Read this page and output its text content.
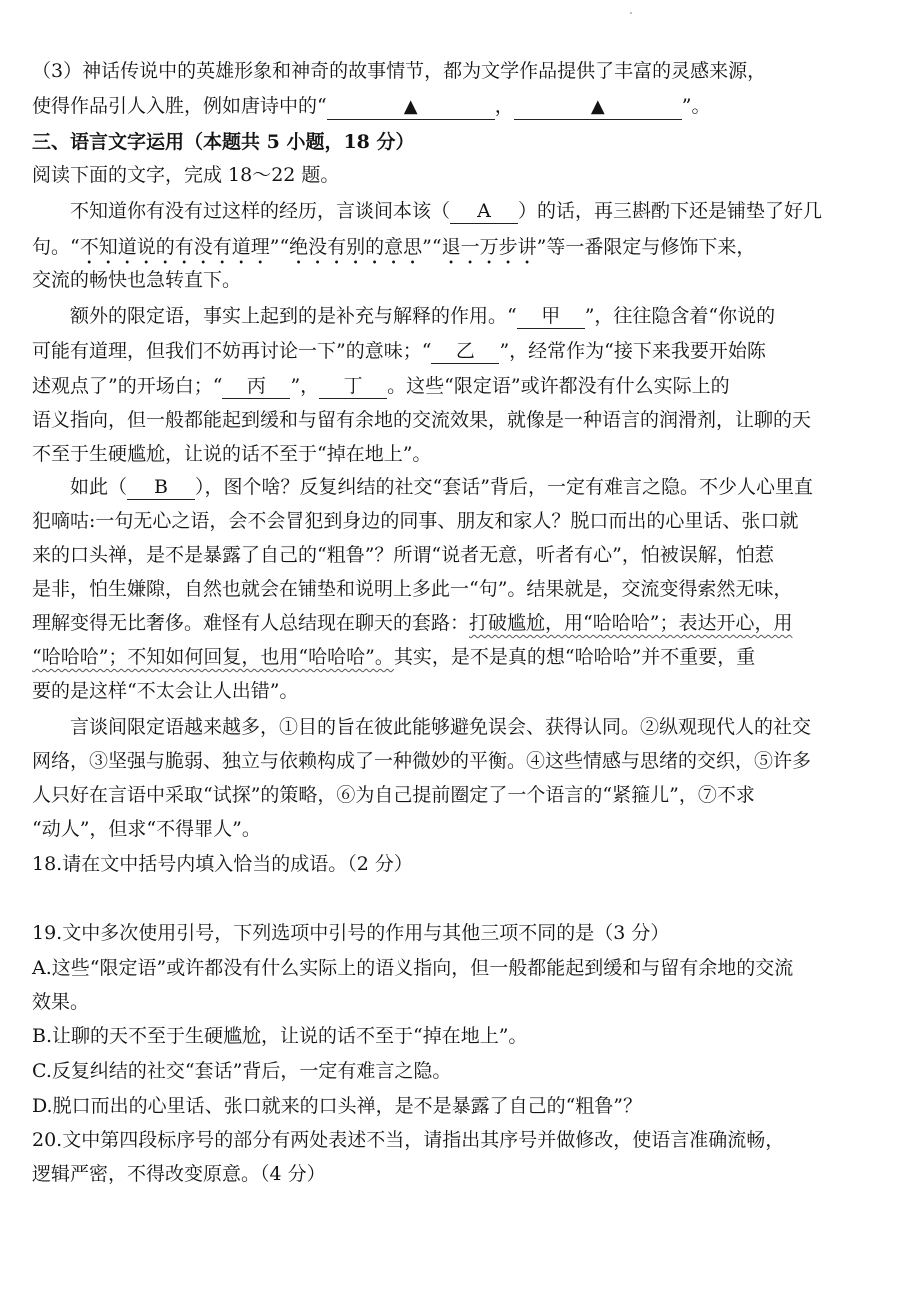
（3）神话传说中的英雄形象和神奇的故事情节，都为文学作品提供了丰富的灵感来源，
使得作品引人入胜，例如唐诗中的“	▲	，	▲	”。
三、语言文字运用（本题共 5 小题，18 分）
阅读下面的文字，完成 18～22 题。
不知道你有没有过这样的经历，言谈间本该（ A ）的话，再三斟酌下还是铺垫了好几
句。“不知道说的有没有道理”“绝没有别的意思”“退一万步讲”等一番限定与修饰下来，
交流的畅快也急转直下。
额外的限定语，事实上起到的是补充与解释的作用。“ 甲 ”，往往隐含着“你说的
可能有道理，但我们不妨再讨论一下”的意味；“ 乙 ”，经常作为“接下来我要开始陈
述观点了”的开场白；“ 丙 ”， 丁 。这些“限定语”或许都没有什么实际上的
语义指向，但一般都能起到缓和与留有余地的交流效果，就像是一种语言的润滑剂，让聊的天
不至于生硬尴尬，让说的话不至于“掉在地上”。
如此（ B ），图个啥？反复纠结的社交“套话”背后，一定有难言之隐。不少人心里直
犯嘀咕:一句无心之语，会不会冒犯到身边的同事、朋友和家人？脱口而出的心里话、张口就
来的口头禅，是不是暴露了自己的“粗鲁”？所谓“说者无意，听者有心”，怕被误解，怕惹
是非，怕生嫌隙，自然也就会在铺垫和说明上多此一“句”。结果就是，交流变得索然无味，
理解变得无比奢侈。难怪有人总结现在聊天的套路：打破尴尬，用“哈哈哈”；表达开心，用
“哈哈哈”；不知如何回复，也用“哈哈哈”。其实，是不是真的想“哈哈哈”并不重要，重
要的是这样“不太会让人出错”。
言谈间限定语越来越多，①目的旨在彼此能够避免误会、获得认同。②纵观现代人的社交
网络，③坚强与脆弱、独立与依赖构成了一种微妙的平衡。④这些情感与思绪的交织，⑤许多
人只好在言语中采取“试探”的策略，⑥为自己提前圈定了一个语言的“紧箍儿”，⑦不求
“动人”，但求“不得罪人”。
18.请在文中括号内填入恰当的成语。（2 分）
19.文中多次使用引号，下列选项中引号的作用与其他三项不同的是（3 分）
A.这些“限定语”或许都没有什么实际上的语义指向，但一般都能起到缓和与留有余地的交流
效果。
B.让聊的天不至于生硬尴尬，让说的话不至于“掉在地上”。
C.反复纠结的社交“套话”背后，一定有难言之隐。
D.脱口而出的心里话、张口就来的口头禅，是不是暴露了自己的“粗鲁”？
20.文中第四段标序号的部分有两处表述不当，请指出其序号并做修改，使语言准确流畅，
逻辑严密，不得改变原意。（4 分）
